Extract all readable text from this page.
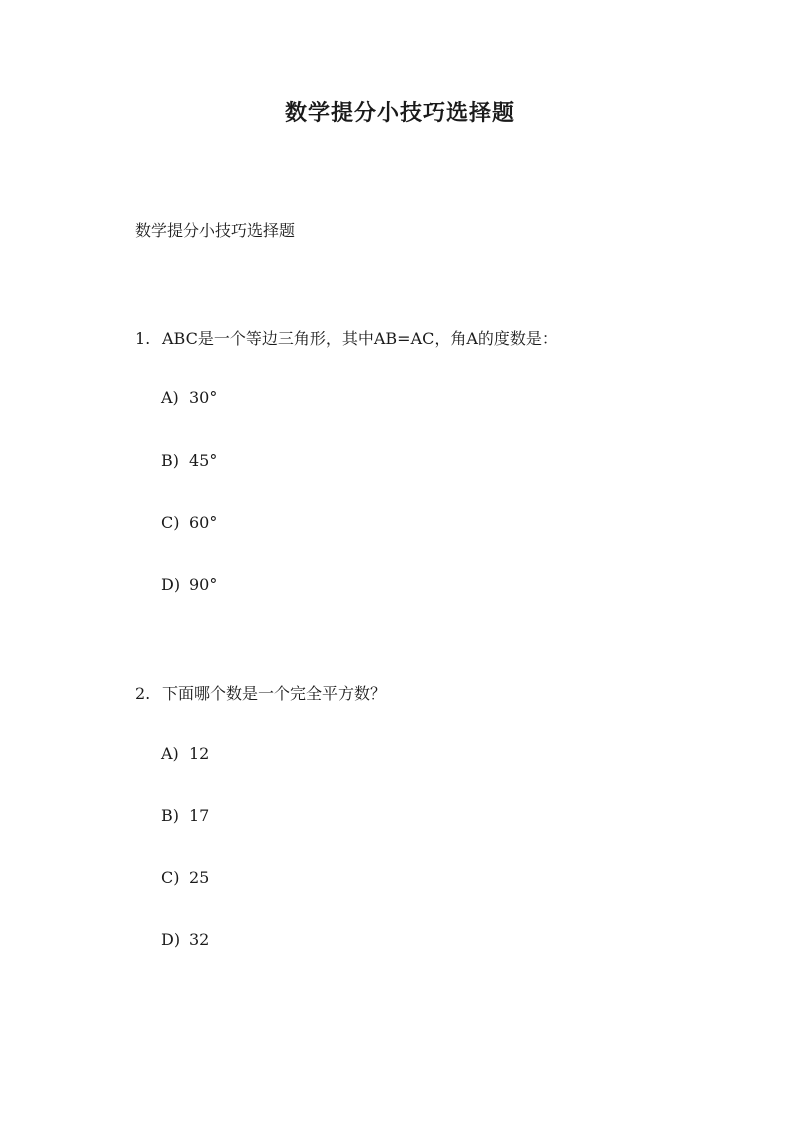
数学提分小技巧选择题

数学提分小技巧选择题

1. ABC是一个等边三角形，其中AB=AC，角A的度数是：

A) 30°

B) 45°

C) 60°

D) 90°

2. 下面哪个数是一个完全平方数？

A) 12

B) 17

C) 25

D) 32
